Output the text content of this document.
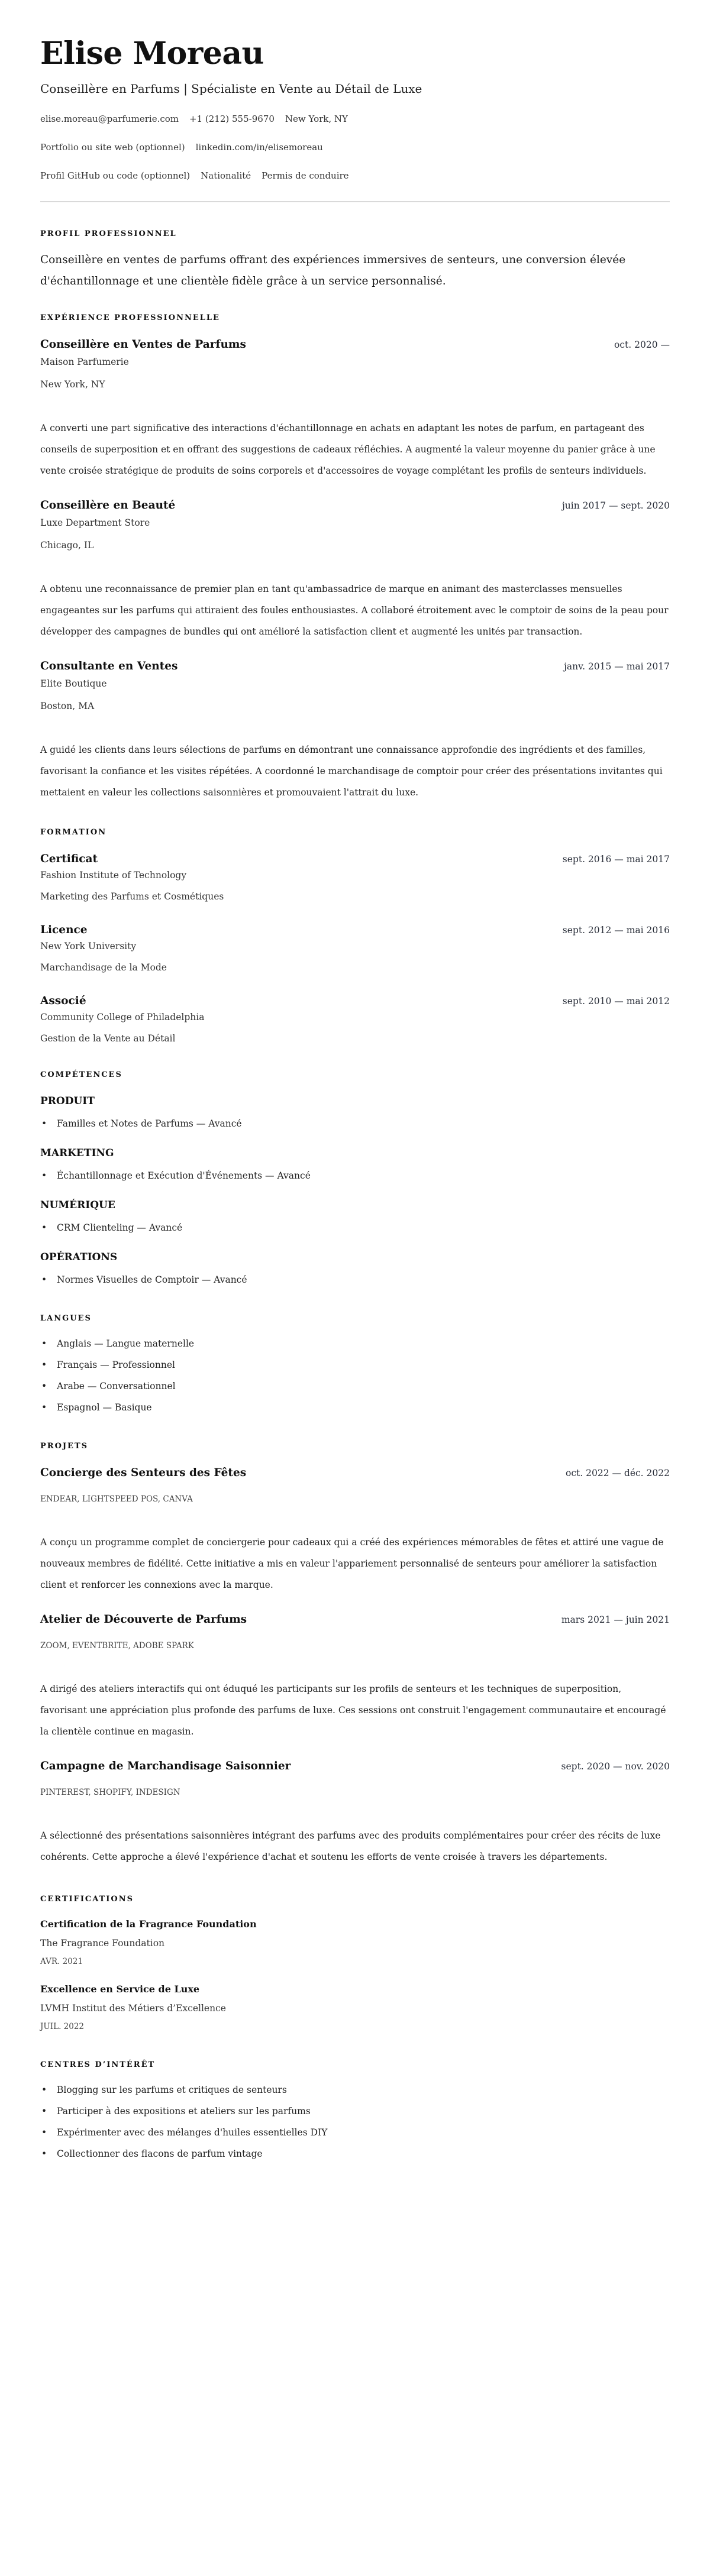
Elise Moreau
Conseillère en Parfums | Spécialiste en Vente au Détail de Luxe
elise.moreau@parfumerie.com +1 (212) 555-9670 New York, NY
Portfolio ou site web (optionnel) linkedin.com/in/elisemoreau
Profil GitHub ou code (optionnel) Nationalité Permis de conduire
PROFIL PROFESSIONNEL

Conseillère en ventes de parfums offrant des expériences immersives de senteurs, une conversion élevée d'échantillonnage et une clientèle fidèle grâce à un service personnalisé.

EXPÉRIENCE PROFESSIONNELLE
Conseillère en Ventes de Parfums	oct. 2020 —
Maison Parfumerie
New York, NY

A converti une part significative des interactions d'échantillonnage en achats en adaptant les notes de parfum, en partageant des conseils de superposition et en offrant des suggestions de cadeaux réfléchies. A augmenté la valeur moyenne du panier grâce à une vente croisée stratégique de produits de soins corporels et d'accessoires de voyage complétant les profils de senteurs individuels.

Conseillère en Beauté	juin 2017 — sept. 2020
Luxe Department Store
Chicago, IL

A obtenu une reconnaissance de premier plan en tant qu'ambassadrice de marque en animant des masterclasses mensuelles engageantes sur les parfums qui attiraient des foules enthousiastes. A collaboré étroitement avec le comptoir de soins de la peau pour développer des campagnes de bundles qui ont amélioré la satisfaction client et augmenté les unités par transaction.

Consultante en Ventes	janv. 2015 — mai 2017
Elite Boutique
Boston, MA

A guidé les clients dans leurs sélections de parfums en démontrant une connaissance approfondie des ingrédients et des familles, favorisant la confiance et les visites répétées. A coordonné le marchandisage de comptoir pour créer des présentations invitantes qui mettaient en valeur les collections saisonnières et promouvaient l'attrait du luxe.

FORMATION
Certificat	sept. 2016 — mai 2017
Fashion Institute of Technology
Marketing des Parfums et Cosmétiques
Licence	sept. 2012 — mai 2016
New York University
Marchandisage de la Mode
Associé	sept. 2010 — mai 2012
Community College of Philadelphia
Gestion de la Vente au Détail
COMPÉTENCES
PRODUIT
•	Familles et Notes de Parfums — Avancé
MARKETING
•	Échantillonnage et Exécution d'Événements — Avancé
NUMÉRIQUE
•	CRM Clienteling — Avancé
OPÉRATIONS
•	Normes Visuelles de Comptoir — Avancé
LANGUES
•	Anglais — Langue maternelle
•	Français — Professionnel
•	Arabe — Conversationnel
•	Espagnol — Basique
PROJETS
Concierge des Senteurs des Fêtes	oct. 2022 — déc. 2022
ENDEAR, LIGHTSPEED POS, CANVA

A conçu un programme complet de conciergerie pour cadeaux qui a créé des expériences mémorables de fêtes et attiré une vague de nouveaux membres de fidélité. Cette initiative a mis en valeur l'appariement personnalisé de senteurs pour améliorer la satisfaction client et renforcer les connexions avec la marque.

Atelier de Découverte de Parfums	mars 2021 — juin 2021
ZOOM, EVENTBRITE, ADOBE SPARK

A dirigé des ateliers interactifs qui ont éduqué les participants sur les profils de senteurs et les techniques de superposition, favorisant une appréciation plus profonde des parfums de luxe. Ces sessions ont construit l'engagement communautaire et encouragé la clientèle continue en magasin.

Campagne de Marchandisage Saisonnier	sept. 2020 — nov. 2020
PINTEREST, SHOPIFY, INDESIGN

A sélectionné des présentations saisonnières intégrant des parfums avec des produits complémentaires pour créer des récits de luxe cohérents. Cette approche a élevé l'expérience d'achat et soutenu les efforts de vente croisée à travers les départements.

CERTIFICATIONS
Certification de la Fragrance Foundation
The Fragrance Foundation
AVR. 2021
Excellence en Service de Luxe
LVMH Institut des Métiers d’Excellence
JUIL. 2022
CENTRES D’INTÉRÊT
•	Blogging sur les parfums et critiques de senteurs
•	Participer à des expositions et ateliers sur les parfums
•	Expérimenter avec des mélanges d'huiles essentielles DIY
•	Collectionner des flacons de parfum vintage
